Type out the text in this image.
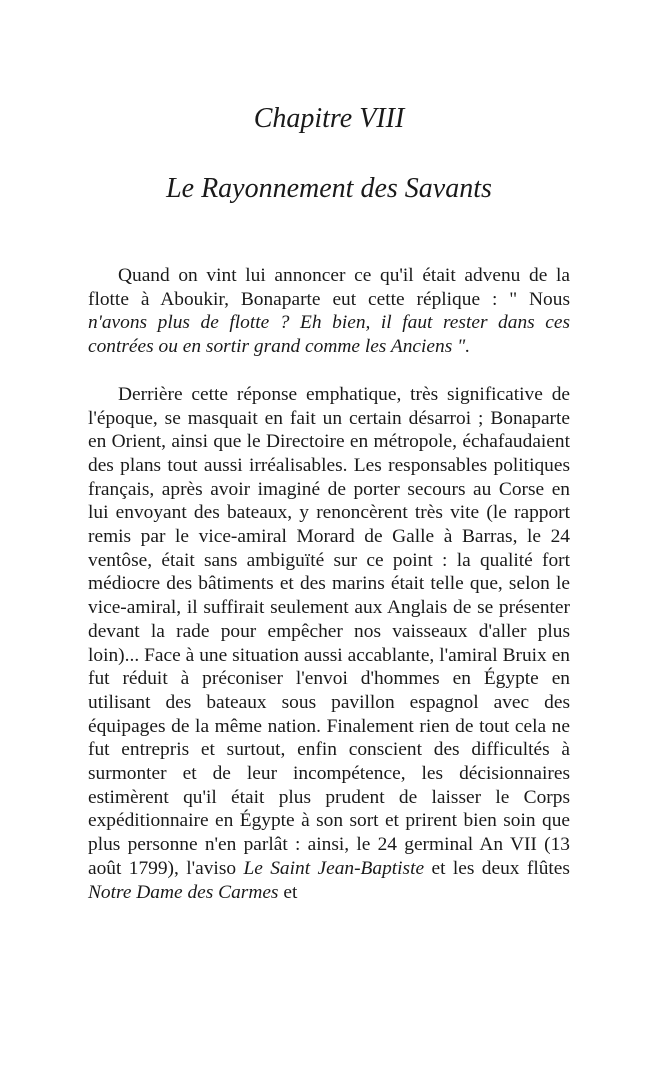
Chapitre VIII
Le Rayonnement des Savants

Quand on vint lui annoncer ce qu'il était advenu de la flotte à Aboukir, Bonaparte eut cette réplique : " Nous n'avons plus de flotte ? Eh bien, il faut rester dans ces contrées ou en sortir grand comme les Anciens ".

Derrière cette réponse emphatique, très significative de l'époque, se masquait en fait un certain désarroi ; Bonaparte en Orient, ainsi que le Directoire en métropole, échafaudaient des plans tout aussi irréalisables. Les responsables politiques français, après avoir imaginé de porter secours au Corse en lui envoyant des bateaux, y renoncèrent très vite (le rapport remis par le vice-amiral Morard de Galle à Barras, le 24 ventôse, était sans ambiguïté sur ce point : la qualité fort médiocre des bâtiments et des marins était telle que, selon le vice-amiral, il suffirait seulement aux Anglais de se présenter devant la rade pour empêcher nos vaisseaux d'aller plus loin)... Face à une situation aussi accablante, l'amiral Bruix en fut réduit à préconiser l'envoi d'hommes en Égypte en utilisant des bateaux sous pavillon espagnol avec des équipages de la même nation. Finalement rien de tout cela ne fut entrepris et surtout, enfin conscient des difficultés à surmonter et de leur incompétence, les décisionnaires estimèrent qu'il était plus prudent de laisser le Corps expéditionnaire en Égypte à son sort et prirent bien soin que plus personne n'en parlât : ainsi, le 24 germinal An VII (13 août 1799), l'aviso Le Saint Jean-Baptiste et les deux flûtes Notre Dame des Carmes et
